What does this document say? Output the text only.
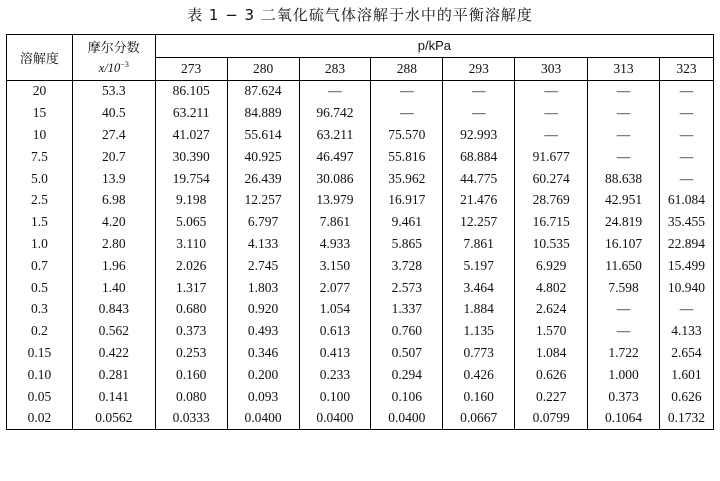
表 1 − 3 二氧化硫气体溶解于水中的平衡溶解度
溶解度	摩尔分数	p/kPa							
	$x/10^{-3}$	273	280	283	288	293	303	313	323
20	53.3	86.105	87.624	—	—	—	—	—	—
15	40.5	63.211	84.889	96.742	—	—	—	—	—
10	27.4	41.027	55.614	63.211	75.570	92.993	—	—	—
7.5	20.7	30.390	40.925	46.497	55.816	68.884	91.677	—	—
5.0	13.9	19.754	26.439	30.086	35.962	44.775	60.274	88.638	—
2.5	6.98	9.198	12.257	13.979	16.917	21.476	28.769	42.951	61.084
1.5	4.20	5.065	6.797	7.861	9.461	12.257	16.715	24.819	35.455
1.0	2.80	3.110	4.133	4.933	5.865	7.861	10.535	16.107	22.894
0.7	1.96	2.026	2.745	3.150	3.728	5.197	6.929	11.650	15.499
0.5	1.40	1.317	1.803	2.077	2.573	3.464	4.802	7.598	10.940
0.3	0.843	0.680	0.920	1.054	1.337	1.884	2.624	—	—
0.2	0.562	0.373	0.493	0.613	0.760	1.135	1.570	—	4.133
0.15	0.422	0.253	0.346	0.413	0.507	0.773	1.084	1.722	2.654
0.10	0.281	0.160	0.200	0.233	0.294	0.426	0.626	1.000	1.601
0.05	0.141	0.080	0.093	0.100	0.106	0.160	0.227	0.373	0.626
0.02	0.0562	0.0333	0.0400	0.0400	0.0400	0.0667	0.0799	0.1064	0.1732
